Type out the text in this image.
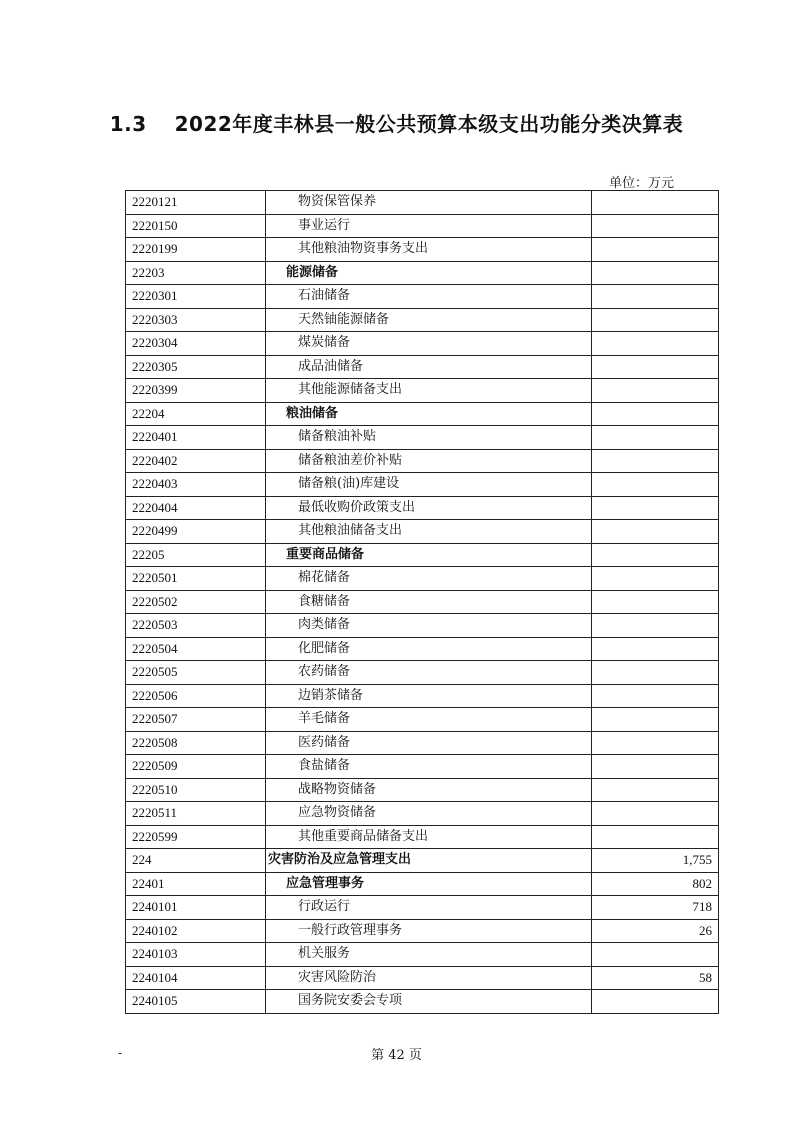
1.3 2022年度丰林县一般公共预算本级支出功能分类决算表
单位：万元
2220121	物资保管保养	
2220150	事业运行	
2220199	其他粮油物资事务支出	
22203	能源储备	
2220301	石油储备	
2220303	天然铀能源储备	
2220304	煤炭储备	
2220305	成品油储备	
2220399	其他能源储备支出	
22204	粮油储备	
2220401	储备粮油补贴	
2220402	储备粮油差价补贴	
2220403	储备粮(油)库建设	
2220404	最低收购价政策支出	
2220499	其他粮油储备支出	
22205	重要商品储备	
2220501	棉花储备	
2220502	食糖储备	
2220503	肉类储备	
2220504	化肥储备	
2220505	农药储备	
2220506	边销茶储备	
2220507	羊毛储备	
2220508	医药储备	
2220509	食盐储备	
2220510	战略物资储备	
2220511	应急物资储备	
2220599	其他重要商品储备支出	
224	灾害防治及应急管理支出	1,755
22401	应急管理事务	802
2240101	行政运行	718
2240102	一般行政管理事务	26
2240103	机关服务	
2240104	灾害风险防治	58
2240105	国务院安委会专项	
-	第 42 页
